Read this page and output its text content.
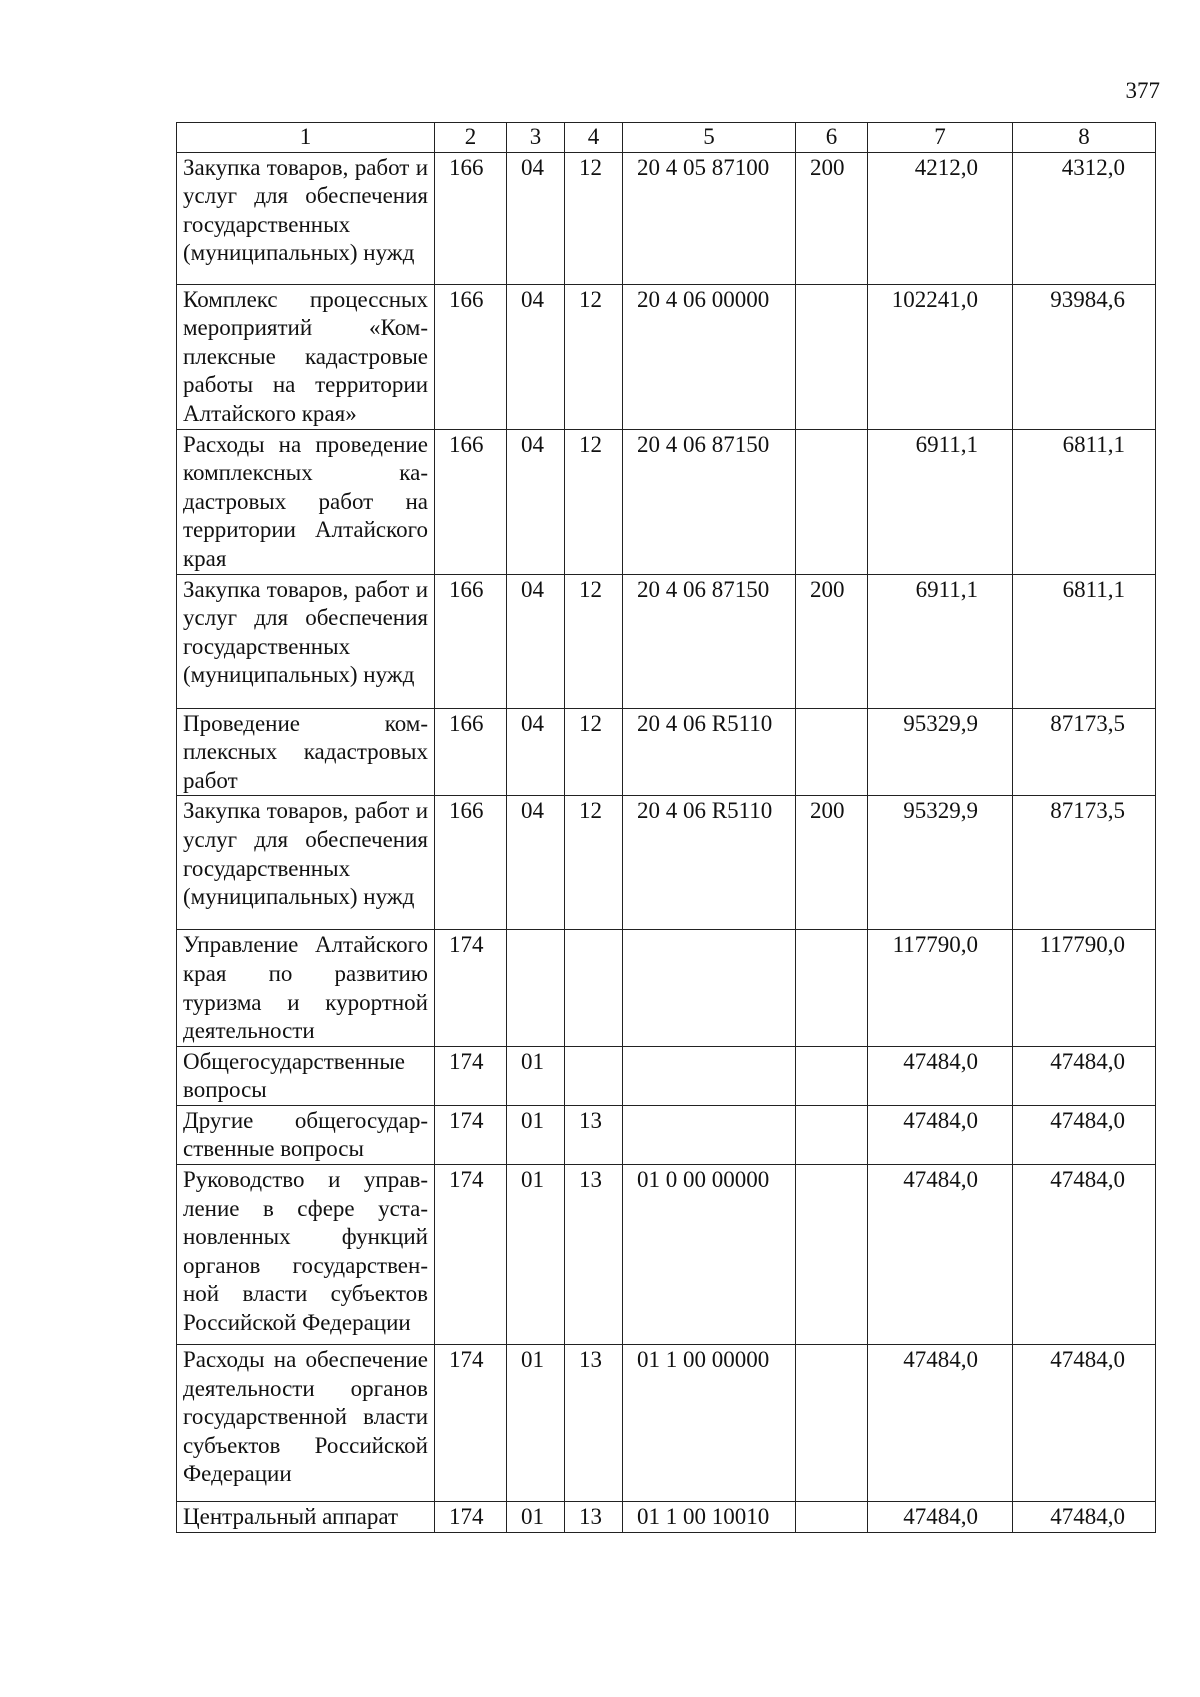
377
1	2	3	4	5	6	7	8
Закупка товаров, работ и услуг для обеспечения государственных (муниципальных) нужд	166	04	12	20 4 05 87100	200	4212,0	4312,0
Комплекс процессных мероприятий «Комплексные кадастровые работы на территории Алтайского края»	166	04	12	20 4 06 00000		102241,0	93984,6
Расходы на проведение комплексных кадастровых работ на территории Алтайского края	166	04	12	20 4 06 87150		6911,1	6811,1
Закупка товаров, работ и услуг для обеспечения государственных (муниципальных) нужд	166	04	12	20 4 06 87150	200	6911,1	6811,1
Проведение комплексных кадастровых работ	166	04	12	20 4 06 R5110		95329,9	87173,5
Закупка товаров, работ и услуг для обеспечения государственных (муниципальных) нужд	166	04	12	20 4 06 R5110	200	95329,9	87173,5
Управление Алтайского края по развитию туризма и курортной деятельности	174					117790,0	117790,0
Общегосударственные вопросы	174	01				47484,0	47484,0
Другие общегосударственные вопросы	174	01	13			47484,0	47484,0
Руководство и управление в сфере установленных функций органов государственной власти субъектов Российской Федерации	174	01	13	01 0 00 00000		47484,0	47484,0
Расходы на обеспечение деятельности органов государственной власти субъектов Российской Федерации	174	01	13	01 1 00 00000		47484,0	47484,0
Центральный аппарат	174	01	13	01 1 00 10010		47484,0	47484,0
